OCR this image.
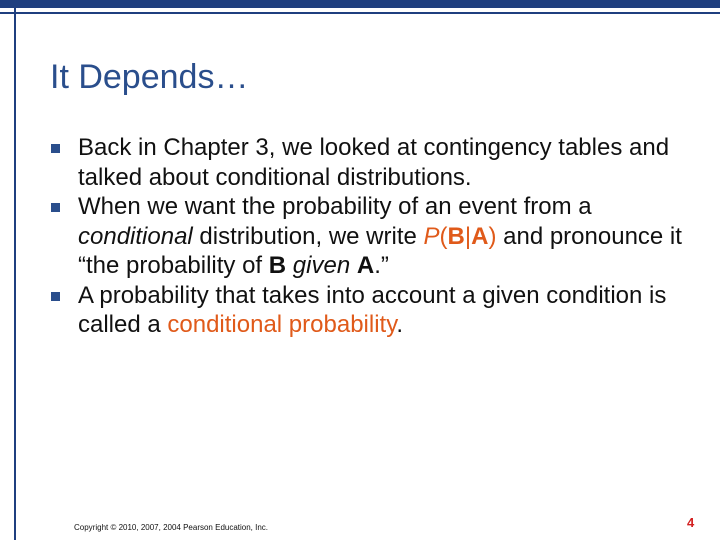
It Depends…
Back in Chapter 3, we looked at contingency tables and talked about conditional distributions.
When we want the probability of an event from a conditional distribution, we write P(B|A) and pronounce it “the probability of B given A.”
A probability that takes into account a given condition is called a conditional probability.
Copyright © 2010, 2007, 2004 Pearson Education, Inc.	4
